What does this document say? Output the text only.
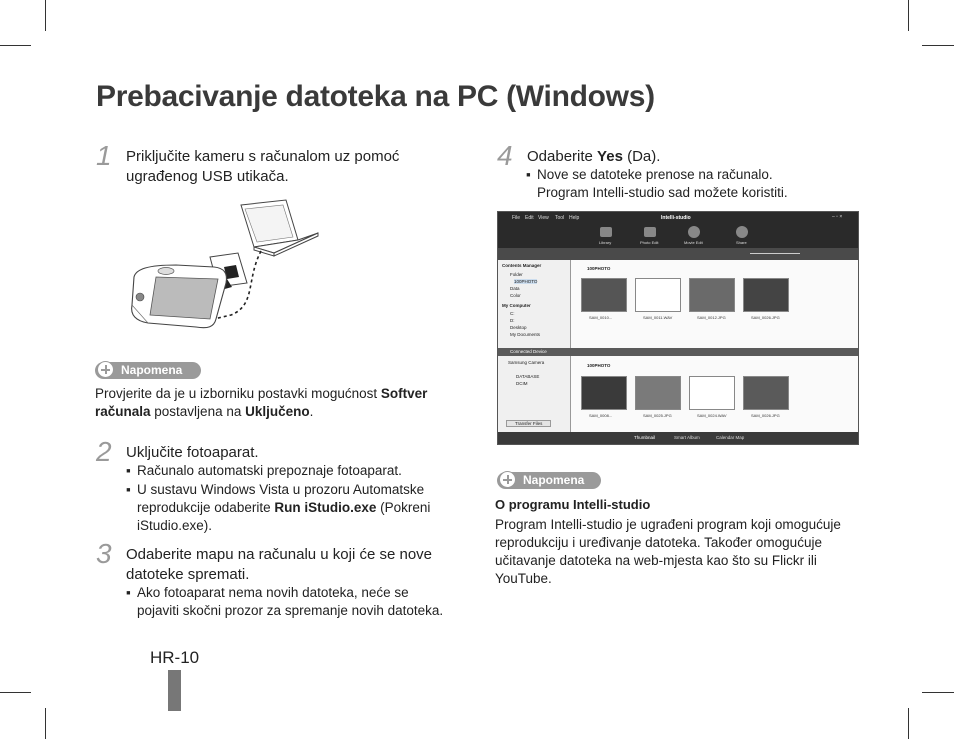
Prebacivanje datoteka na PC (Windows)
1 Priključite kameru s računalom uz pomoć
ugrađenog USB utikača.
Napomena
Provjerite da je u izborniku postavki mogućnost Softver
računala postavljena na Uključeno.
2 Uključite fotoaparat.
▪ Računalo automatski prepoznaje fotoaparat.
▪ U sustavu Windows Vista u prozoru Automatske
reprodukcije odaberite Run iStudio.exe (Pokreni
iStudio.exe).
3 Odaberite mapu na računalu u koji će se nove
datoteke spremati.
▪ Ako fotoaparat nema novih datoteka, neće se
pojaviti skočni prozor za spremanje novih datoteka.
HR-10
4 Odaberite Yes (Da).
▪ Nove se datoteke prenose na računalo.
Program Intelli-studio sad možete koristiti.
File Edit View Tool Help	Intelli-studio	– ▫ ×
Library	Photo Edit	Movie Edit	Share
Contents Manager
Folder
100PHOTO
Data
Color
My Computer
C:
D:
Desktop
My Documents
Samsung Camera
DATABASE
DCIM
Transfer Files
100PHOTO
SAM_0010...	SAM_0011.WAV	SAM_0012.JPG	SAM_0026.JPG
100PHOTO
SAM_0008...	SAM_0025.JPG	SAM_0024.WAV	SAM_0026.JPG
Connected Device
Thumbnail	Smart Album	Calendar Map
Napomena
O programu Intelli-studio
Program Intelli-studio je ugrađeni program koji omogućuje
reprodukciju i uređivanje datoteka. Također omogućuje
učitavanje datoteka na web-mjesta kao što su Flickr ili
YouTube.
